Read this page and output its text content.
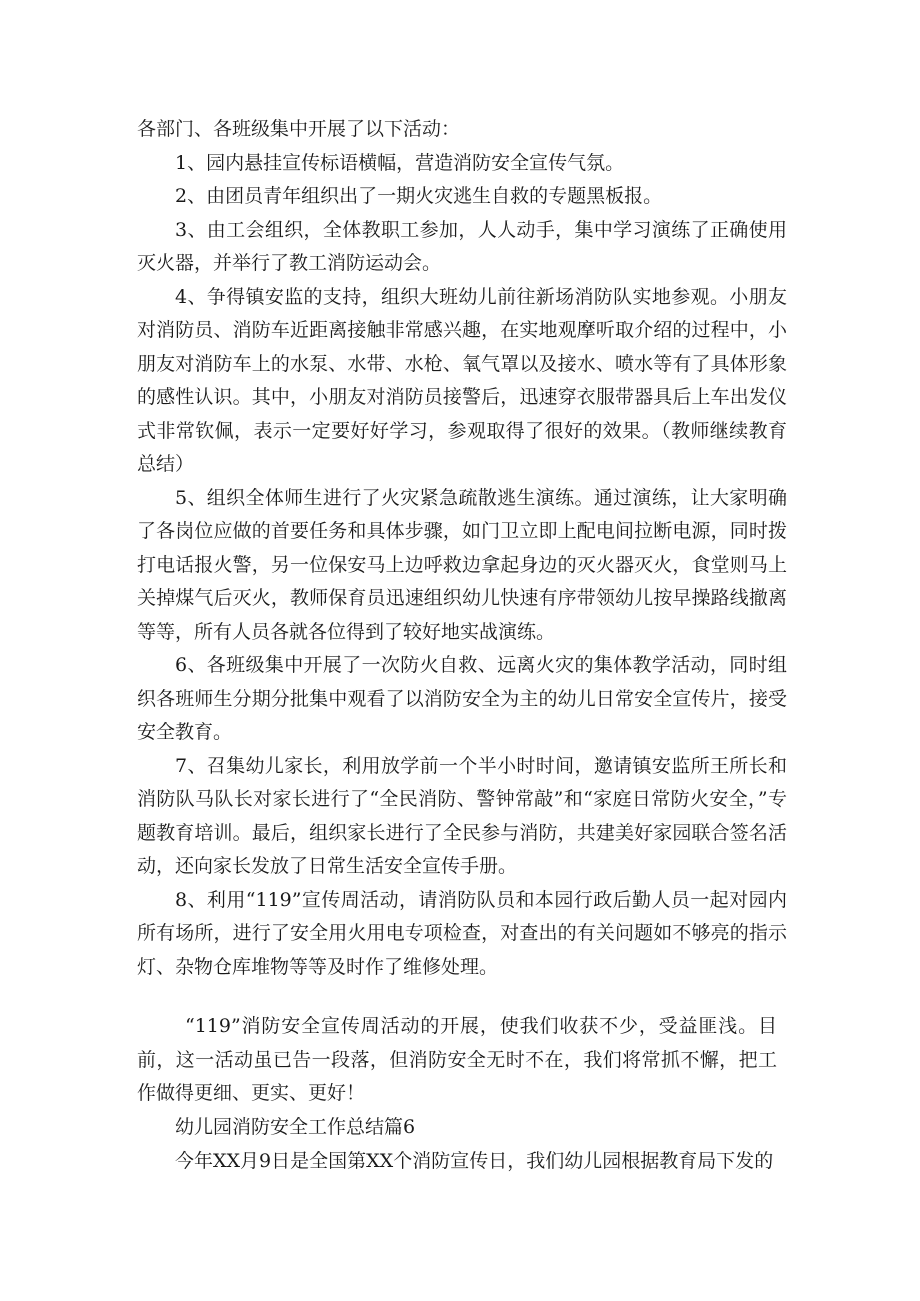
各部门、各班级集中开展了以下活动：

1、园内悬挂宣传标语横幅，营造消防安全宣传气氛。

2、由团员青年组织出了一期火灾逃生自救的专题黑板报。

3、由工会组织，全体教职工参加，人人动手，集中学习演练了正确使用灭火器，并举行了教工消防运动会。

4、争得镇安监的支持，组织大班幼儿前往新场消防队实地参观。小朋友对消防员、消防车近距离接触非常感兴趣，在实地观摩听取介绍的过程中，小朋友对消防车上的水泵、水带、水枪、氧气罩以及接水、喷水等有了具体形象的感性认识。其中，小朋友对消防员接警后，迅速穿衣服带器具后上车出发仪式非常钦佩，表示一定要好好学习，参观取得了很好的效果。（教师继续教育总结）

5、组织全体师生进行了火灾紧急疏散逃生演练。通过演练，让大家明确了各岗位应做的首要任务和具体步骤，如门卫立即上配电间拉断电源，同时拨打电话报火警，另一位保安马上边呼救边拿起身边的灭火器灭火，食堂则马上关掉煤气后灭火，教师保育员迅速组织幼儿快速有序带领幼儿按早操路线撤离等等，所有人员各就各位得到了较好地实战演练。

6、各班级集中开展了一次防火自救、远离火灾的集体教学活动，同时组织各班师生分期分批集中观看了以消防安全为主的幼儿日常安全宣传片，接受安全教育。

7、召集幼儿家长，利用放学前一个半小时时间，邀请镇安监所王所长和消防队马队长对家长进行了“全民消防、警钟常敲”和“家庭日常防火安全，”专题教育培训。最后，组织家长进行了全民参与消防，共建美好家园联合签名活动，还向家长发放了日常生活安全宣传手册。

8、利用“119”宣传周活动，请消防队员和本园行政后勤人员一起对园内所有场所，进行了安全用火用电专项检查，对查出的有关问题如不够亮的指示灯、杂物仓库堆物等等及时作了维修处理。

“119”消防安全宣传周活动的开展，使我们收获不少，受益匪浅。目前，这一活动虽已告一段落，但消防安全无时不在，我们将常抓不懈，把工作做得更细、更实、更好！

幼儿园消防安全工作总结篇6

今年XX月9日是全国第XX个消防宣传日，我们幼儿园根据教育局下发的
